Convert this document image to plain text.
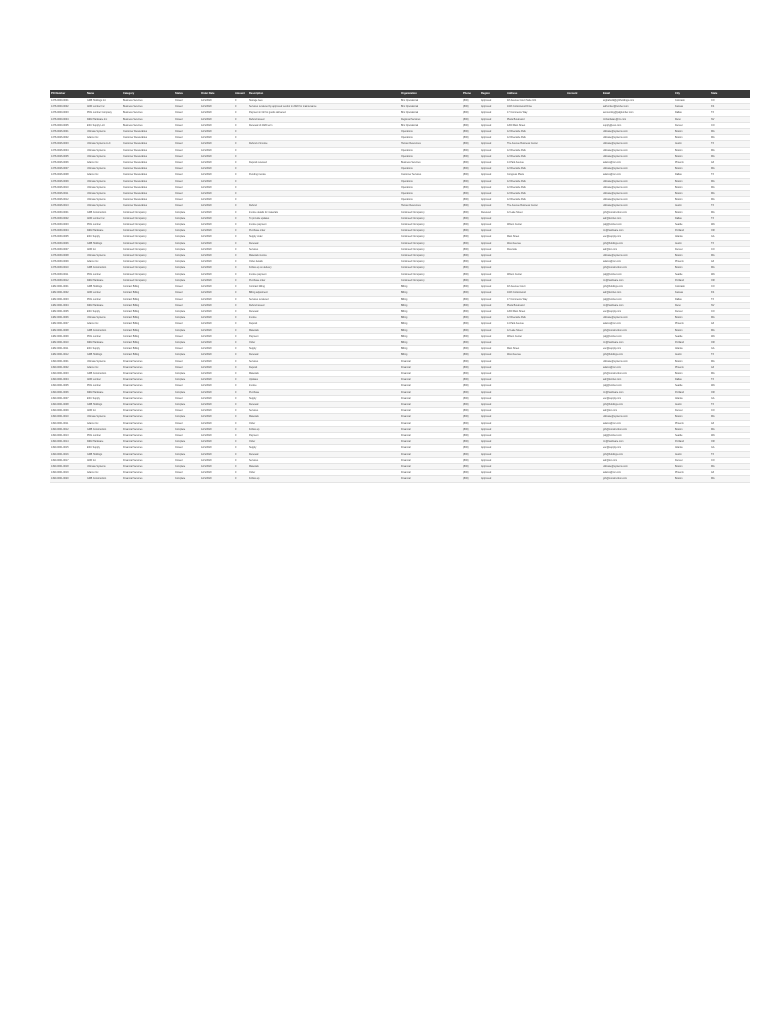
PO Number	Name	Category	Status	Order Date	Amount	Description	Organization	Phone	Region	Address	Account	Email	City	State
1478-0000-0001	GRB Holdings Inc	Business Services	Closed	12/1/2020	0	Storage fees	Bim Operational	(800)	Approved	4th Avenue Court Suite 101		arghabuild@grbholdings.com	Colorado	CO
1478-0000-0002	ADR Lumber Inc	Business Services	Closed	12/1/2020	0	Services rendered by approved vendor in 2020 for maintenance	Bim Operational	(800)	Approved	1023 Cottonwood Drive		adrlumber@lumber.com	Kansas	KS
1478-0000-0003	PDG Lumber Company	Business Services	Closed	12/1/2020	0	Payment in full for goods delivered	Bim Operational	(800)	Approved	17 Commerce Way		accounting@pdglumber.com	Dallas	TX
1478-0000-0004	R&M Hardware Inc	Business Services	Closed	12/1/2020	0	Refund issued	Regional Services	(800)	Approved	Plaza Boulevard		rmhardware@rm.com	Reno	NV
1478-0000-0005	ESC Supply LLC	Business Services	Closed	12/1/2020	0	Renewal of 2020 term	Bim Operational	(800)	Approved	1200 Main Street		supply@esc.com	Denver	CO
1478-0026-0001	Ultimate Systems	Customer Receivables	Closed	12/1/2020	0		Operations	(800)	Approved	12 Riverside Park		ultimate@systems.com	Boston	MA
1478-0026-0002	Adamo Inc	Customer Receivables	Closed	12/1/2020	0		Operations	(800)	Approved	12 Riverside Park		ultimate@systems.com	Boston	MA
1478-0026-0003	Ultimate Systems LLC	Customer Receivables	Closed	12/1/2020	0	Refund of invoice	Human Resources	(800)	Approved	The Avenue Business Center		ultimate@systems.com	Austin	TX
1478-0026-0004	Ultimate Systems	Customer Receivables	Closed	12/1/2020	0		Operations	(800)	Approved	12 Riverside Park		ultimate@systems.com	Boston	MA
1478-0026-0005	Ultimate Systems	Customer Receivables	Closed	12/1/2020	0		Operations	(800)	Approved	12 Riverside Park		ultimate@systems.com	Boston	MA
1478-0026-0006	Adamo Inc	Customer Receivables	Closed	12/1/2020	0	Deposit received	Business Services	(800)	Approved	14 Park Avenue		adamo@inc.com	Phoenix	AZ
1478-0026-0007	Ultimate Systems	Customer Receivables	Closed	12/1/2020	0		Operations	(800)	Approved	12 Riverside Park		ultimate@systems.com	Boston	MA
1478-0026-0008	Adamo Inc	Customer Receivables	Closed	12/1/2020	0	Pending invoice	Customer Services	(800)	Approved	Congress Plaza		adamo@inc.com	Dallas	TX
1478-0026-0009	Ultimate Systems	Customer Receivables	Closed	12/1/2020	0		Operations	(800)	Approved	12 Riverside Park		ultimate@systems.com	Boston	MA
1478-0026-0010	Ultimate Systems	Customer Receivables	Closed	12/1/2020	0		Operations	(800)	Approved	12 Riverside Park		ultimate@systems.com	Boston	MA
1478-0026-0011	Ultimate Systems	Customer Receivables	Closed	12/1/2020	0		Operations	(800)	Approved	12 Riverside Park		ultimate@systems.com	Boston	MA
1478-0026-0012	Ultimate Systems	Customer Receivables	Closed	12/1/2020	0		Operations	(800)	Approved	12 Riverside Park		ultimate@systems.com	Boston	MA
1478-0026-0013	Ultimate Systems	Customer Receivables	Closed	12/1/2020	0	Refund	Human Resources	(800)	Approved	The Avenue Business Center		ultimate@systems.com	Austin	TX
1478-0030-0001	GRB Construction	Continued Occupancy	Complete	12/1/2020	0	Invoice details for materials	Continued Occupancy	(800)	Received	12 Lake Street		grb@construction.com	Boston	MA
1478-0030-0002	ADR Lumber Inc	Continued Occupancy	Complete	12/1/2020	0	To provide updates	Continued Occupancy	(800)	Approved			adr@lumber.com	Dallas	TX
1478-0030-0003	PDG Lumber	Continued Occupancy	Complete	12/1/2020	0	Invoice payment	Continued Occupancy	(800)	Approved	Wilson Center		pdg@lumber.com	Seattle	WA
1478-0030-0004	R&M Hardware	Continued Occupancy	Complete	12/1/2020	0	Purchase order	Continued Occupancy	(800)	Approved			rm@hardware.com	Portland	OR
1478-0030-0005	ESC Supply	Continued Occupancy	Complete	12/1/2020	0	Supply order	Continued Occupancy	(800)	Approved	Main Street		esc@supply.com	Atlanta	GA
1478-0030-0006	GRB Holdings	Continued Occupancy	Complete	12/1/2020	0	Renewal	Continued Occupancy	(800)	Approved	West Avenue		grb@holdings.com	Austin	TX
1478-0030-0007	ADR Inc	Continued Occupancy	Complete	12/1/2020	0	Services	Continued Occupancy	(800)	Approved	Riverside		adr@inc.com	Denver	CO
1478-0030-0008	Ultimate Systems	Continued Occupancy	Complete	12/1/2020	0	Materials invoice	Continued Occupancy	(800)	Approved			ultimate@systems.com	Boston	MA
1478-0030-0009	Adamo Inc	Continued Occupancy	Complete	12/1/2020	0	Order details	Continued Occupancy	(800)	Approved			adamo@inc.com	Phoenix	AZ
1478-0030-0010	GRB Construction	Continued Occupancy	Complete	12/1/2020	0	Follow-up on delivery	Continued Occupancy	(800)	Approved			grb@construction.com	Boston	MA
1478-0030-0011	PDG Lumber	Continued Occupancy	Complete	12/1/2020	0	Invoice payment	Continued Occupancy	(800)	Approved	Wilson Center		pdg@lumber.com	Seattle	WA
1478-0030-0012	R&M Hardware	Continued Occupancy	Complete	12/1/2020	0	Purchase order	Continued Occupancy	(800)	Approved			rm@hardware.com	Portland	OR
1482-0001-0001	GRB Holdings	Contract Billing	Closed	12/1/2020	0	Contract billing	Billing	(800)	Approved	4th Avenue Court		grb@holdings.com	Colorado	CO
1482-0001-0002	ADR Lumber	Contract Billing	Closed	12/1/2020	0	Billing adjustment	Billing	(800)	Approved	1023 Cottonwood		adr@lumber.com	Kansas	KS
1482-0001-0003	PDG Lumber	Contract Billing	Closed	12/1/2020	0	Services rendered	Billing	(800)	Approved	17 Commerce Way		pdg@lumber.com	Dallas	TX
1482-0001-0004	R&M Hardware	Contract Billing	Closed	12/1/2020	0	Refund issued	Billing	(800)	Approved	Plaza Boulevard		rm@hardware.com	Reno	NV
1482-0001-0005	ESC Supply	Contract Billing	Complete	12/1/2020	0	Renewal	Billing	(800)	Approved	1200 Main Street		esc@supply.com	Denver	CO
1482-0001-0006	Ultimate Systems	Contract Billing	Complete	12/1/2020	0	Invoice	Billing	(800)	Approved	12 Riverside Park		ultimate@systems.com	Boston	MA
1482-0001-0007	Adamo Inc	Contract Billing	Closed	12/1/2020	0	Deposit	Billing	(800)	Approved	14 Park Avenue		adamo@inc.com	Phoenix	AZ
1482-0001-0008	GRB Construction	Contract Billing	Complete	12/1/2020	0	Materials	Billing	(800)	Approved	12 Lake Street		grb@construction.com	Boston	MA
1482-0001-0009	PDG Lumber	Contract Billing	Closed	12/1/2020	0	Payment	Billing	(800)	Approved	Wilson Center		pdg@lumber.com	Seattle	WA
1482-0001-0010	R&M Hardware	Contract Billing	Complete	12/1/2020	0	Order	Billing	(800)	Approved			rm@hardware.com	Portland	OR
1482-0001-0011	ESC Supply	Contract Billing	Closed	12/1/2020	0	Supply	Billing	(800)	Approved	Main Street		esc@supply.com	Atlanta	GA
1482-0001-0012	GRB Holdings	Contract Billing	Complete	12/1/2020	0	Renewal	Billing	(800)	Approved	West Avenue		grb@holdings.com	Austin	TX
1490-0001-0001	Ultimate Systems	Financial Services	Closed	12/1/2020	0	Services	Financial	(800)	Approved			ultimate@systems.com	Boston	MA
1490-0001-0002	Adamo Inc	Financial Services	Closed	12/1/2020	0	Deposit	Financial	(800)	Approved			adamo@inc.com	Phoenix	AZ
1490-0001-0003	GRB Construction	Financial Services	Complete	12/1/2020	0	Materials	Financial	(800)	Approved			grb@construction.com	Boston	MA
1490-0001-0004	ADR Lumber	Financial Services	Complete	12/1/2020	0	Updates	Financial	(800)	Approved			adr@lumber.com	Dallas	TX
1490-0001-0005	PDG Lumber	Financial Services	Closed	12/1/2020	0	Invoice	Financial	(800)	Approved			pdg@lumber.com	Seattle	WA
1490-0001-0006	R&M Hardware	Financial Services	Complete	12/1/2020	0	Purchase	Financial	(800)	Approved			rm@hardware.com	Portland	OR
1490-0001-0007	ESC Supply	Financial Services	Closed	12/1/2020	0	Supply	Financial	(800)	Approved			esc@supply.com	Atlanta	GA
1490-0001-0008	GRB Holdings	Financial Services	Complete	12/1/2020	0	Renewal	Financial	(800)	Approved			grb@holdings.com	Austin	TX
1490-0001-0009	ADR Inc	Financial Services	Closed	12/1/2020	0	Services	Financial	(800)	Approved			adr@inc.com	Denver	CO
1490-0001-0010	Ultimate Systems	Financial Services	Complete	12/1/2020	0	Materials	Financial	(800)	Approved			ultimate@systems.com	Boston	MA
1490-0001-0011	Adamo Inc	Financial Services	Closed	12/1/2020	0	Order	Financial	(800)	Approved			adamo@inc.com	Phoenix	AZ
1490-0001-0012	GRB Construction	Financial Services	Complete	12/1/2020	0	Follow-up	Financial	(800)	Approved			grb@construction.com	Boston	MA
1490-0001-0013	PDG Lumber	Financial Services	Closed	12/1/2020	0	Payment	Financial	(800)	Approved			pdg@lumber.com	Seattle	WA
1490-0001-0014	R&M Hardware	Financial Services	Complete	12/1/2020	0	Order	Financial	(800)	Approved			rm@hardware.com	Portland	OR
1490-0001-0015	ESC Supply	Financial Services	Closed	12/1/2020	0	Supply	Financial	(800)	Approved			esc@supply.com	Atlanta	GA
1490-0001-0016	GRB Holdings	Financial Services	Complete	12/1/2020	0	Renewal	Financial	(800)	Approved			grb@holdings.com	Austin	TX
1490-0001-0017	ADR Inc	Financial Services	Closed	12/1/2020	0	Services	Financial	(800)	Approved			adr@inc.com	Denver	CO
1490-0001-0018	Ultimate Systems	Financial Services	Complete	12/1/2020	0	Materials	Financial	(800)	Approved			ultimate@systems.com	Boston	MA
1490-0001-0019	Adamo Inc	Financial Services	Closed	12/1/2020	0	Order	Financial	(800)	Approved			adamo@inc.com	Phoenix	AZ
1490-0001-0020	GRB Construction	Financial Services	Complete	12/1/2020	0	Follow-up	Financial	(800)	Approved			grb@construction.com	Boston	MA
